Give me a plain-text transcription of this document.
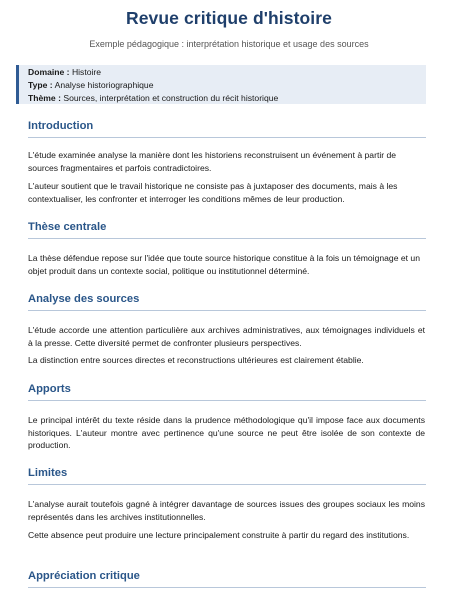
Revue critique d'histoire
Exemple pédagogique : interprétation historique et usage des sources
Domaine : Histoire
Type : Analyse historiographique
Thème : Sources, interprétation et construction du récit historique
Introduction
L'étude examinée analyse la manière dont les historiens reconstruisent un événement à partir de sources fragmentaires et parfois contradictoires.
L'auteur soutient que le travail historique ne consiste pas à juxtaposer des documents, mais à les contextualiser, les confronter et interroger les conditions mêmes de leur production.
Thèse centrale
La thèse défendue repose sur l'idée que toute source historique constitue à la fois un témoignage et un objet produit dans un contexte social, politique ou institutionnel déterminé.
Analyse des sources
L'étude accorde une attention particulière aux archives administratives, aux témoignages individuels et à la presse. Cette diversité permet de confronter plusieurs perspectives.
La distinction entre sources directes et reconstructions ultérieures est clairement établie.
Apports
Le principal intérêt du texte réside dans la prudence méthodologique qu'il impose face aux documents historiques. L'auteur montre avec pertinence qu'une source ne peut être isolée de son contexte de production.
Limites
L'analyse aurait toutefois gagné à intégrer davantage de sources issues des groupes sociaux les moins représentés dans les archives institutionnelles.
Cette absence peut produire une lecture principalement construite à partir du regard des institutions.
Appréciation critique
